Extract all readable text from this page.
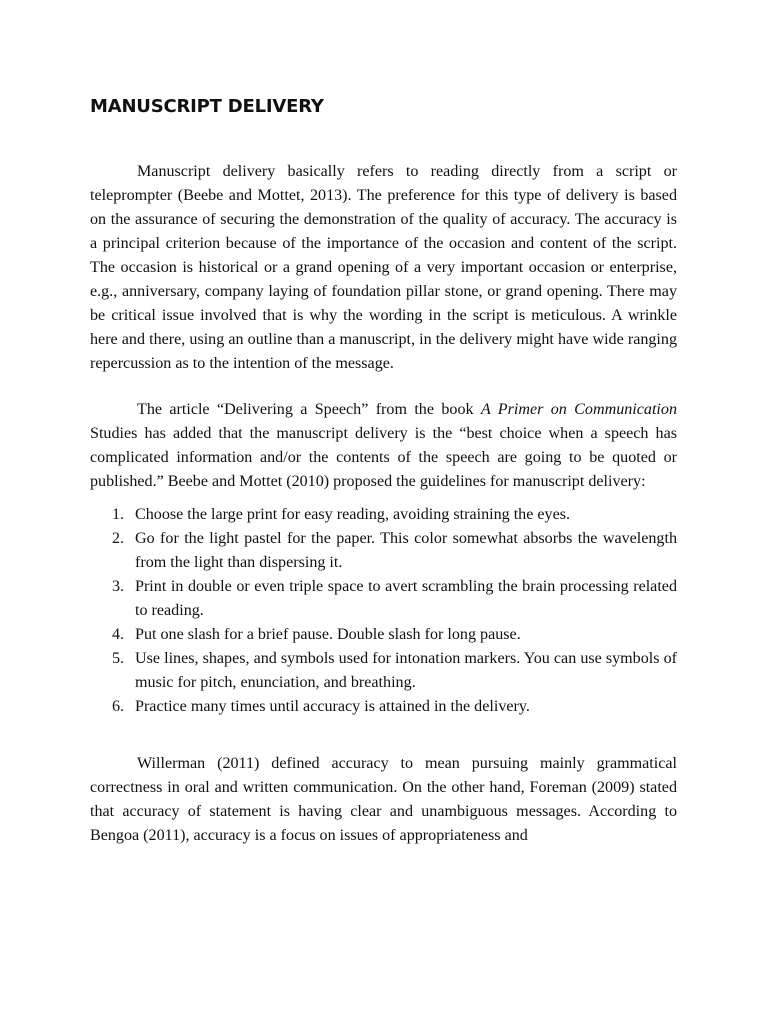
MANUSCRIPT DELIVERY

Manuscript delivery basically refers to reading directly from a script or teleprompter (Beebe and Mottet, 2013). The preference for this type of delivery is based on the assurance of securing the demonstration of the quality of accuracy. The accuracy is a principal criterion because of the importance of the occasion and content of the script. The occasion is historical or a grand opening of a very important occasion or enterprise, e.g., anniversary, company laying of foundation pillar stone, or grand opening. There may be critical issue involved that is why the wording in the script is meticulous. A wrinkle here and there, using an outline than a manuscript, in the delivery might have wide ranging repercussion as to the intention of the message.

The article “Delivering a Speech” from the book A Primer on Communication Studies has added that the manuscript delivery is the “best choice when a speech has complicated information and/or the contents of the speech are going to be quoted or published.” Beebe and Mottet (2010) proposed the guidelines for manuscript delivery:

1. Choose the large print for easy reading, avoiding straining the eyes.
2. Go for the light pastel for the paper. This color somewhat absorbs the wavelength from the light than dispersing it.
3. Print in double or even triple space to avert scrambling the brain processing related to reading.
4. Put one slash for a brief pause. Double slash for long pause.
5. Use lines, shapes, and symbols used for intonation markers. You can use symbols of music for pitch, enunciation, and breathing.
6. Practice many times until accuracy is attained in the delivery.

Willerman (2011) defined accuracy to mean pursuing mainly grammatical correctness in oral and written communication. On the other hand, Foreman (2009) stated that accuracy of statement is having clear and unambiguous messages. According to Bengoa (2011), accuracy is a focus on issues of appropriateness and
